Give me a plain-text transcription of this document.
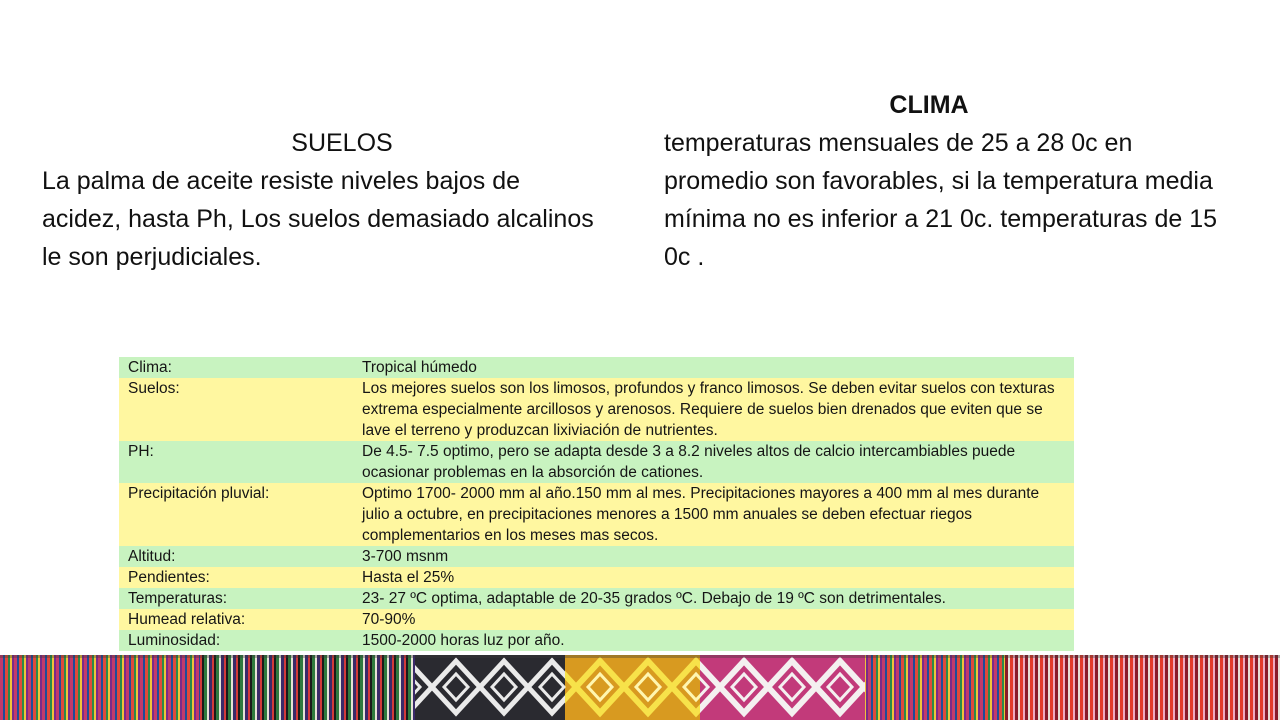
SUELOS
La palma de aceite resiste niveles bajos de acidez, hasta Ph, Los suelos demasiado alcalinos le son perjudiciales.
CLIMA
temperaturas mensuales de 25 a 28 0c en promedio son favorables, si la temperatura media mínima no es inferior a 21 0c. temperaturas de 15 0c .
Clima:	Tropical húmedo
Suelos:	Los mejores suelos son los limosos, profundos y franco limosos. Se deben evitar suelos con texturas extrema especialmente arcillosos y arenosos. Requiere de suelos bien drenados que eviten que se lave el terreno y produzcan lixiviación de nutrientes.
PH:	De 4.5- 7.5 optimo, pero se adapta desde 3 a 8.2 niveles altos de calcio intercambiables puede ocasionar problemas en la absorción de cationes.
Precipitación pluvial:	Optimo 1700- 2000 mm al año.150 mm al mes. Precipitaciones mayores a 400 mm al mes durante julio a octubre, en precipitaciones menores a 1500 mm anuales se deben efectuar riegos complementarios en los meses mas secos.
Altitud:	3-700 msnm
Pendientes:	Hasta el 25%
Temperaturas:	23- 27 ºC optima, adaptable de 20-35 grados ºC. Debajo de 19 ºC son detrimentales.
Humead relativa:	70-90%
Luminosidad:	1500-2000 horas luz por año.
